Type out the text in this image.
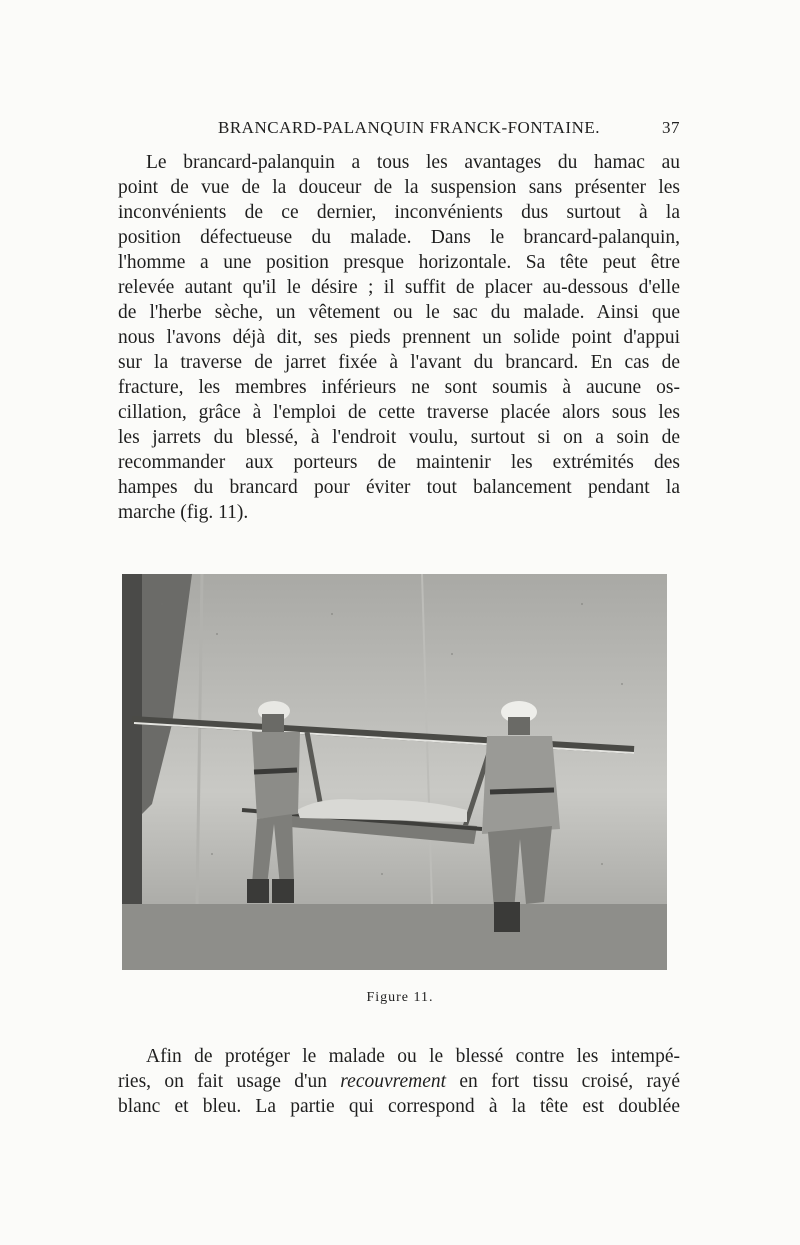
BRANCARD-PALANQUIN FRANCK-FONTAINE.	37
Le brancard-palanquin a tous les avantages du hamac au
point de vue de la douceur de la suspension sans présenter les
inconvénients de ce dernier, inconvénients dus surtout à la
position défectueuse du malade. Dans le brancard-palanquin,
l'homme a une position presque horizontale. Sa tête peut être
relevée autant qu'il le désire ; il suffit de placer au-dessous d'elle
de l'herbe sèche, un vêtement ou le sac du malade. Ainsi que
nous l'avons déjà dit, ses pieds prennent un solide point d'appui
sur la traverse de jarret fixée à l'avant du brancard. En cas de
fracture, les membres inférieurs ne sont soumis à aucune os-
cillation, grâce à l'emploi de cette traverse placée alors sous les
les jarrets du blessé, à l'endroit voulu, surtout si on a soin de
recommander aux porteurs de maintenir les extrémités des
hampes du brancard pour éviter tout balancement pendant la
marche (fig. 11).
Figure 11.
Afin de protéger le malade ou le blessé contre les intempé-
ries, on fait usage d'un recouvrement en fort tissu croisé, rayé
blanc et bleu. La partie qui correspond à la tête est doublée
